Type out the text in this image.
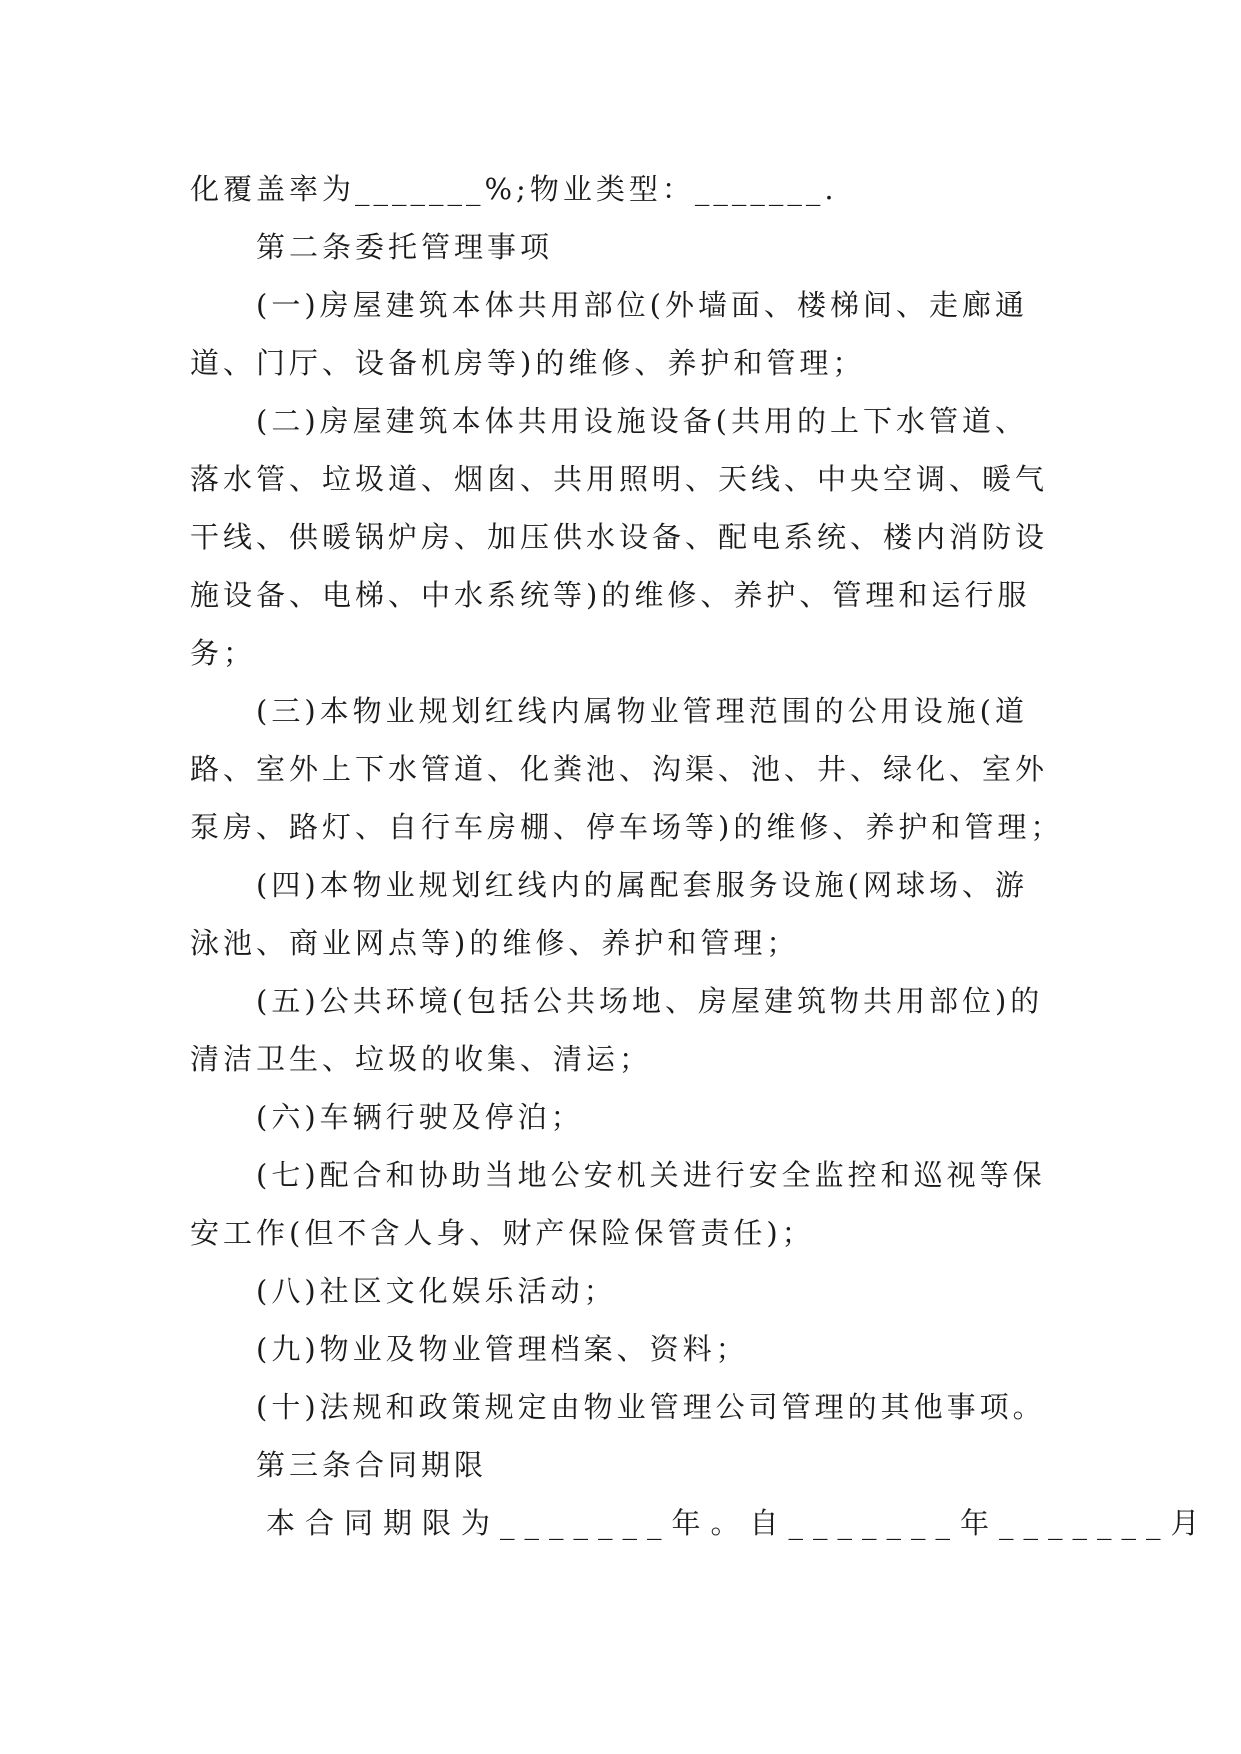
化覆盖率为_______%;物业类型：_______.
第二条委托管理事项
(一)房屋建筑本体共用部位(外墙面、楼梯间、走廊通
道、门厅、设备机房等)的维修、养护和管理；
(二)房屋建筑本体共用设施设备(共用的上下水管道、
落水管、垃圾道、烟囱、共用照明、天线、中央空调、暖气
干线、供暖锅炉房、加压供水设备、配电系统、楼内消防设
施设备、电梯、中水系统等)的维修、养护、管理和运行服
务；
(三)本物业规划红线内属物业管理范围的公用设施(道
路、室外上下水管道、化粪池、沟渠、池、井、绿化、室外
泵房、路灯、自行车房棚、停车场等)的维修、养护和管理；
(四)本物业规划红线内的属配套服务设施(网球场、游
泳池、商业网点等)的维修、养护和管理；
(五)公共环境(包括公共场地、房屋建筑物共用部位)的
清洁卫生、垃圾的收集、清运；
(六)车辆行驶及停泊；
(七)配合和协助当地公安机关进行安全监控和巡视等保
安工作(但不含人身、财产保险保管责任)；
(八)社区文化娱乐活动；
(九)物业及物业管理档案、资料；
(十)法规和政策规定由物业管理公司管理的其他事项。
第三条合同期限
本合同期限为_______年。自_______年_______月
